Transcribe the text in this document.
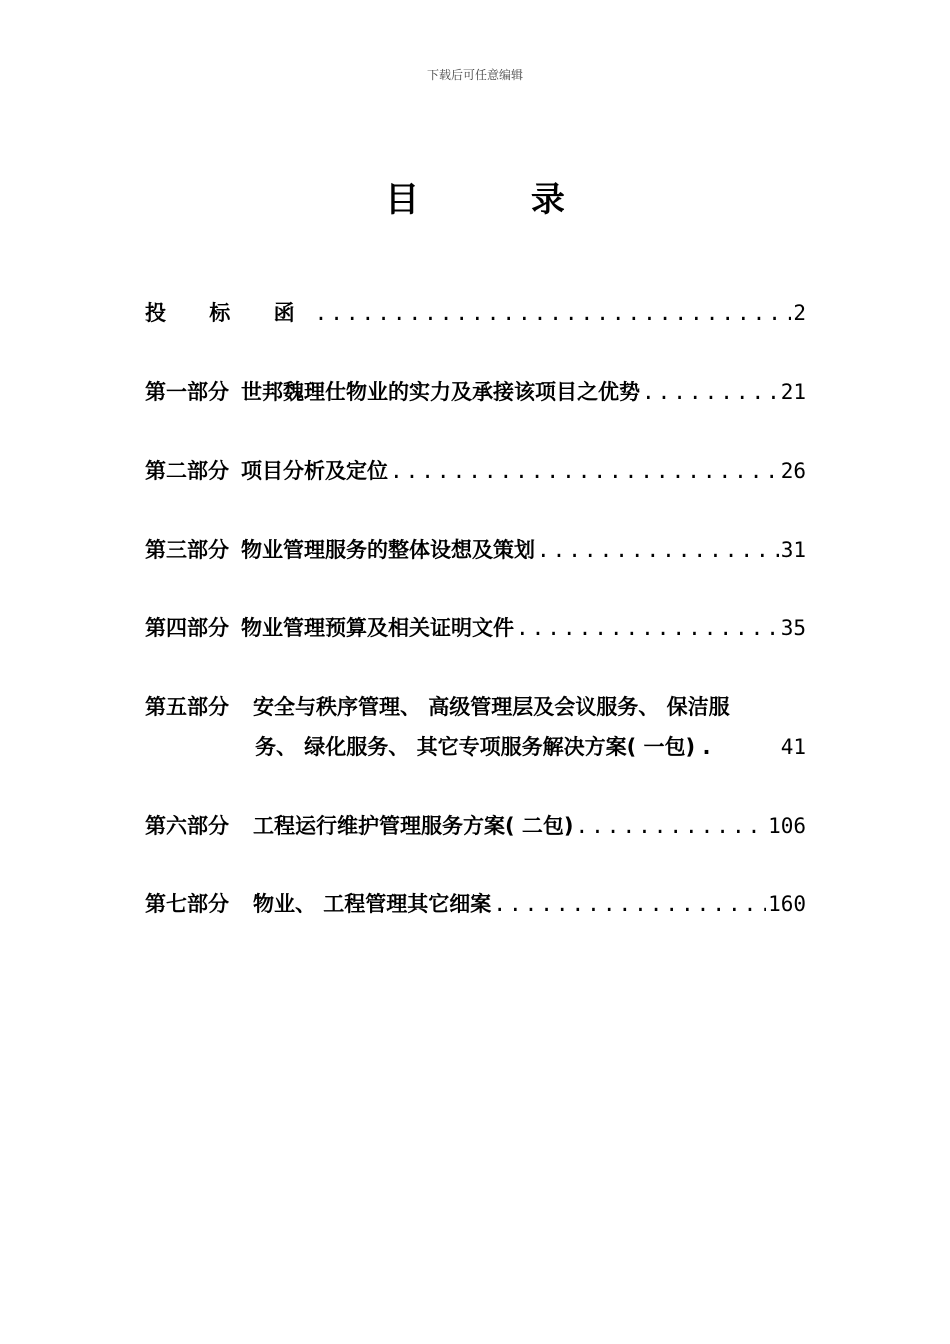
下载后可任意编辑
目 录
投 标 函 .....	2
第一部分 世邦魏理仕物业的实力及承接该项目之优势 .....	21
第二部分 项目分析及定位 .....	26
第三部分 物业管理服务的整体设想及策划 .....	31
第四部分 物业管理预算及相关证明文件 .....	35
第五部分 安全与秩序管理、 高级管理层及会议服务、 保洁服
务、 绿化服务、 其它专项服务解决方案( 一包) .	41
第六部分 工程运行维护管理服务方案( 二包) .....	106
第七部分 物业、 工程管理其它细案 .....	160
